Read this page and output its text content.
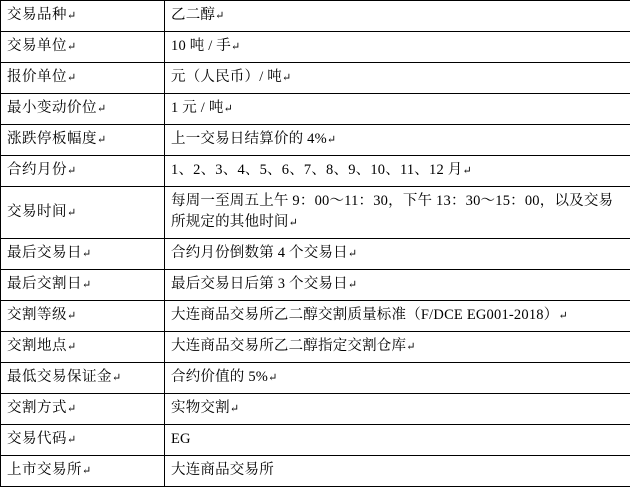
交易品种↵	乙二醇↵
交易单位↵	10 吨 / 手↵
报价单位↵	元（人民币）/ 吨↵
最小变动价位↵	1 元 / 吨↵
涨跌停板幅度↵	上一交易日结算价的 4%↵
合约月份↵	1、2、3、4、5、6、7、8、9、10、11、12 月↵
交易时间↵	每周一至周五上午 9：00～11：30，下午 13：30～15：00，以及交易所规定的其他时间↵
最后交易日↵	合约月份倒数第 4 个交易日↵
最后交割日↵	最后交易日后第 3 个交易日↵
交割等级↵	大连商品交易所乙二醇交割质量标准（F/DCE EG001-2018）↵
交割地点↵	大连商品交易所乙二醇指定交割仓库↵
最低交易保证金↵	合约价值的 5%↵
交割方式↵	实物交割↵
交易代码↵	EG
上市交易所↵	大连商品交易所
